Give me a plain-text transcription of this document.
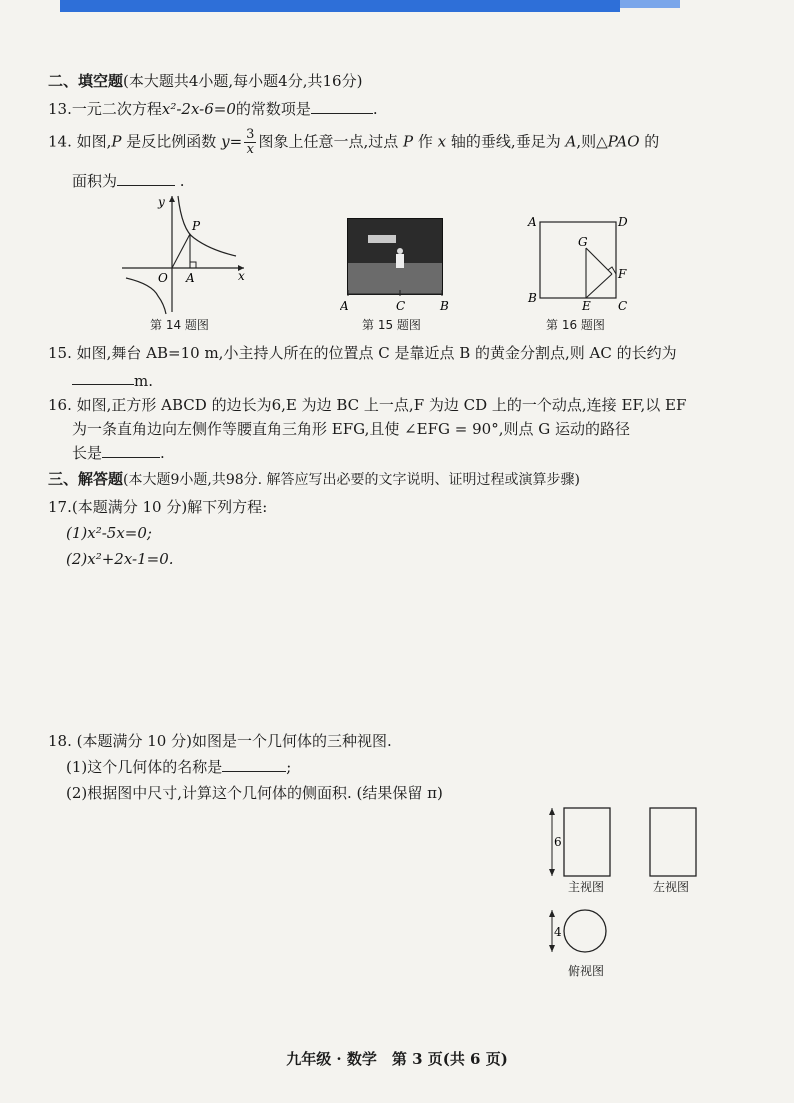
二、填空题(本大题共4小题,每小题4分,共16分)
13.一元二次方程x²-2x-6=0的常数项是	.
14. 如图,P 是反比例函数 $y= \frac{3}{x}$ 图象上任意一点,过点 P 作 x 轴的垂线,垂足为 A,则△PAO 的
面积为	.
y
P
O A	x
第 14 题图
A	C	B
第 15 题图
A	D
G
F
B
E C
第 16 题图
15. 如图,舞台 AB=10 m,小主持人所在的位置点 C 是靠近点 B 的黄金分割点,则 AC 的长约为
m.
16. 如图,正方形 ABCD 的边长为6,E 为边 BC 上一点,F 为边 CD 上的一个动点,连接 EF,以 EF
为一条直角边向左侧作等腰直角三角形 EFG,且使 ∠EFG = 90°,则点 G 运动的路径
长是	.
三、解答题(本大题9小题,共98分. 解答应写出必要的文字说明、证明过程或演算步骤)
17.(本题满分 10 分)解下列方程:
(1)x²-5x=0;
(2)x²+2x-1=0.
18. (本题满分 10 分)如图是一个几何体的三种视图.
(1)这个几何体的名称是	;
(2)根据图中尺寸,计算这个几何体的侧面积. (结果保留 π)
6
4
主视图	左视图
俯视图
九年级 · 数学　第 3 页(共 6 页)
